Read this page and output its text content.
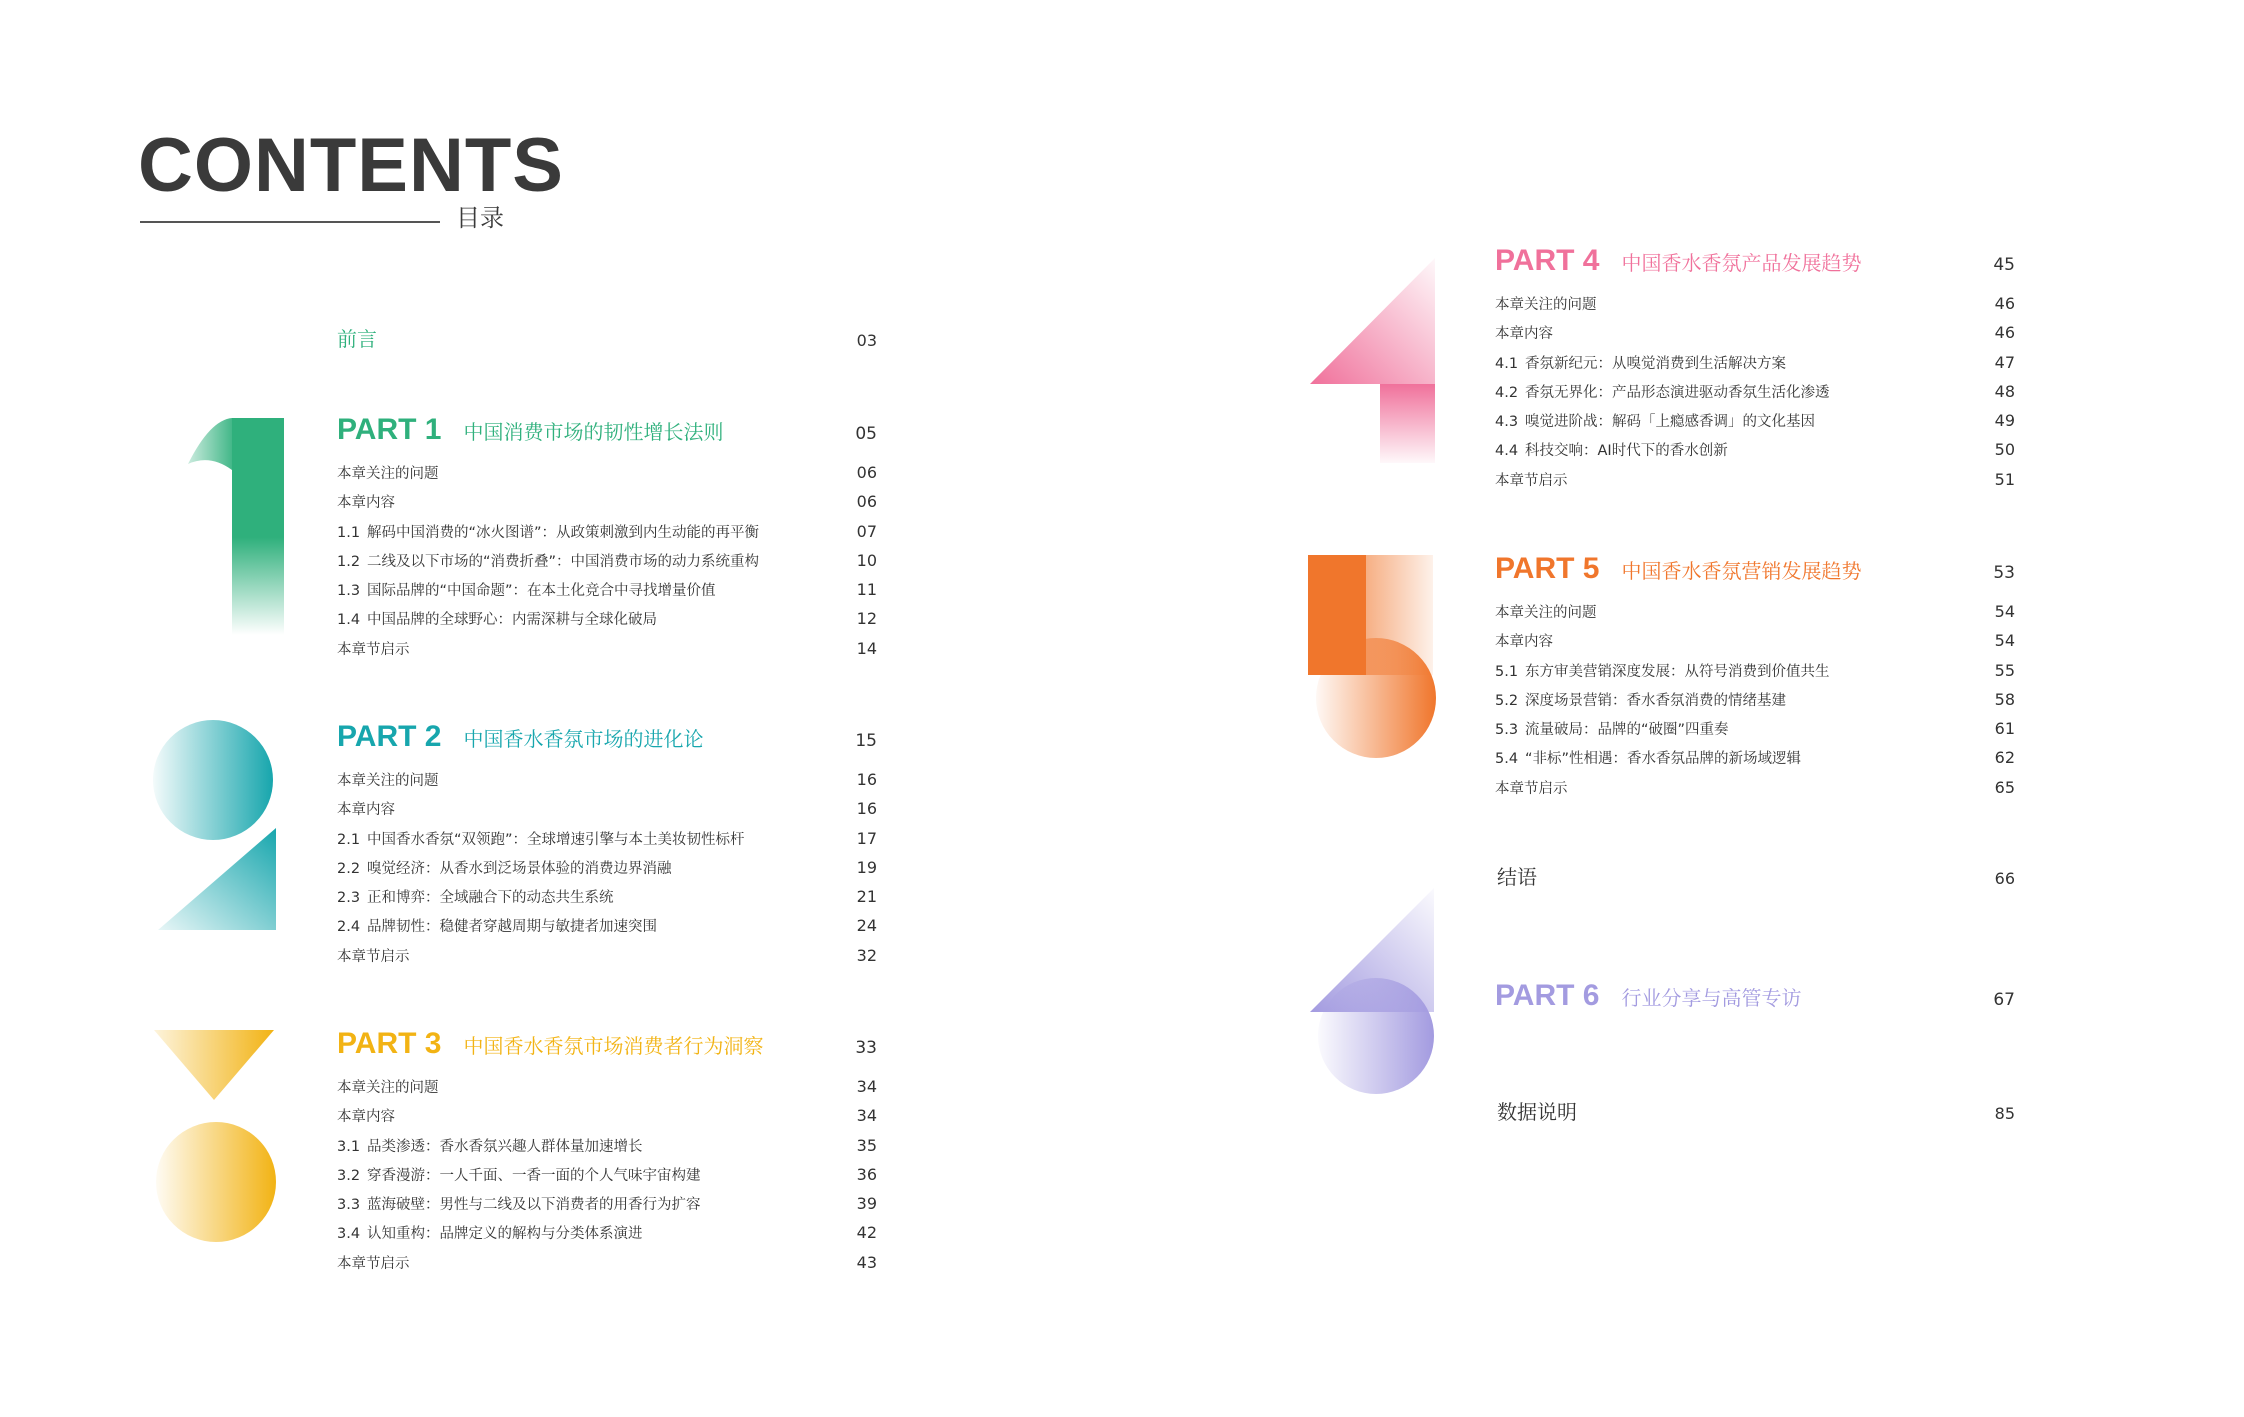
CONTENTS
目录
前言	03
PART 1 中国消费市场的韧性增长法则	05
本章关注的问题	06
本章内容	06
1.1 解码中国消费的“冰火图谱”：从政策刺激到内生动能的再平衡	07
1.2 二线及以下市场的“消费折叠”：中国消费市场的动力系统重构	10
1.3 国际品牌的“中国命题”：在本土化竞合中寻找增量价值	11
1.4 中国品牌的全球野心：内需深耕与全球化破局	12
本章节启示	14
PART 2 中国香水香氛市场的进化论	15
本章关注的问题	16
本章内容	16
2.1 中国香水香氛“双领跑”：全球增速引擎与本土美妆韧性标杆	17
2.2 嗅觉经济：从香水到泛场景体验的消费边界消融	19
2.3 正和博弈：全域融合下的动态共生系统	21
2.4 品牌韧性：稳健者穿越周期与敏捷者加速突围	24
本章节启示	32
PART 3 中国香水香氛市场消费者行为洞察	33
本章关注的问题	34
本章内容	34
3.1 品类渗透：香水香氛兴趣人群体量加速增长	35
3.2 穿香漫游：一人千面、一香一面的个人气味宇宙构建	36
3.3 蓝海破壁：男性与二线及以下消费者的用香行为扩容	39
3.4 认知重构：品牌定义的解构与分类体系演进	42
本章节启示	43
PART 4 中国香水香氛产品发展趋势	45
本章关注的问题	46
本章内容	46
4.1 香氛新纪元：从嗅觉消费到生活解决方案	47
4.2 香氛无界化：产品形态演进驱动香氛生活化渗透	48
4.3 嗅觉进阶战：解码「上瘾感香调」的文化基因	49
4.4 科技交响：AI时代下的香水创新	50
本章节启示	51
PART 5 中国香水香氛营销发展趋势	53
本章关注的问题	54
本章内容	54
5.1 东方审美营销深度发展：从符号消费到价值共生	55
5.2 深度场景营销：香水香氛消费的情绪基建	58
5.3 流量破局：品牌的“破圈”四重奏	61
5.4 “非标”性相遇：香水香氛品牌的新场域逻辑	62
本章节启示	65
结语	66
PART 6 行业分享与高管专访	67
数据说明	85
